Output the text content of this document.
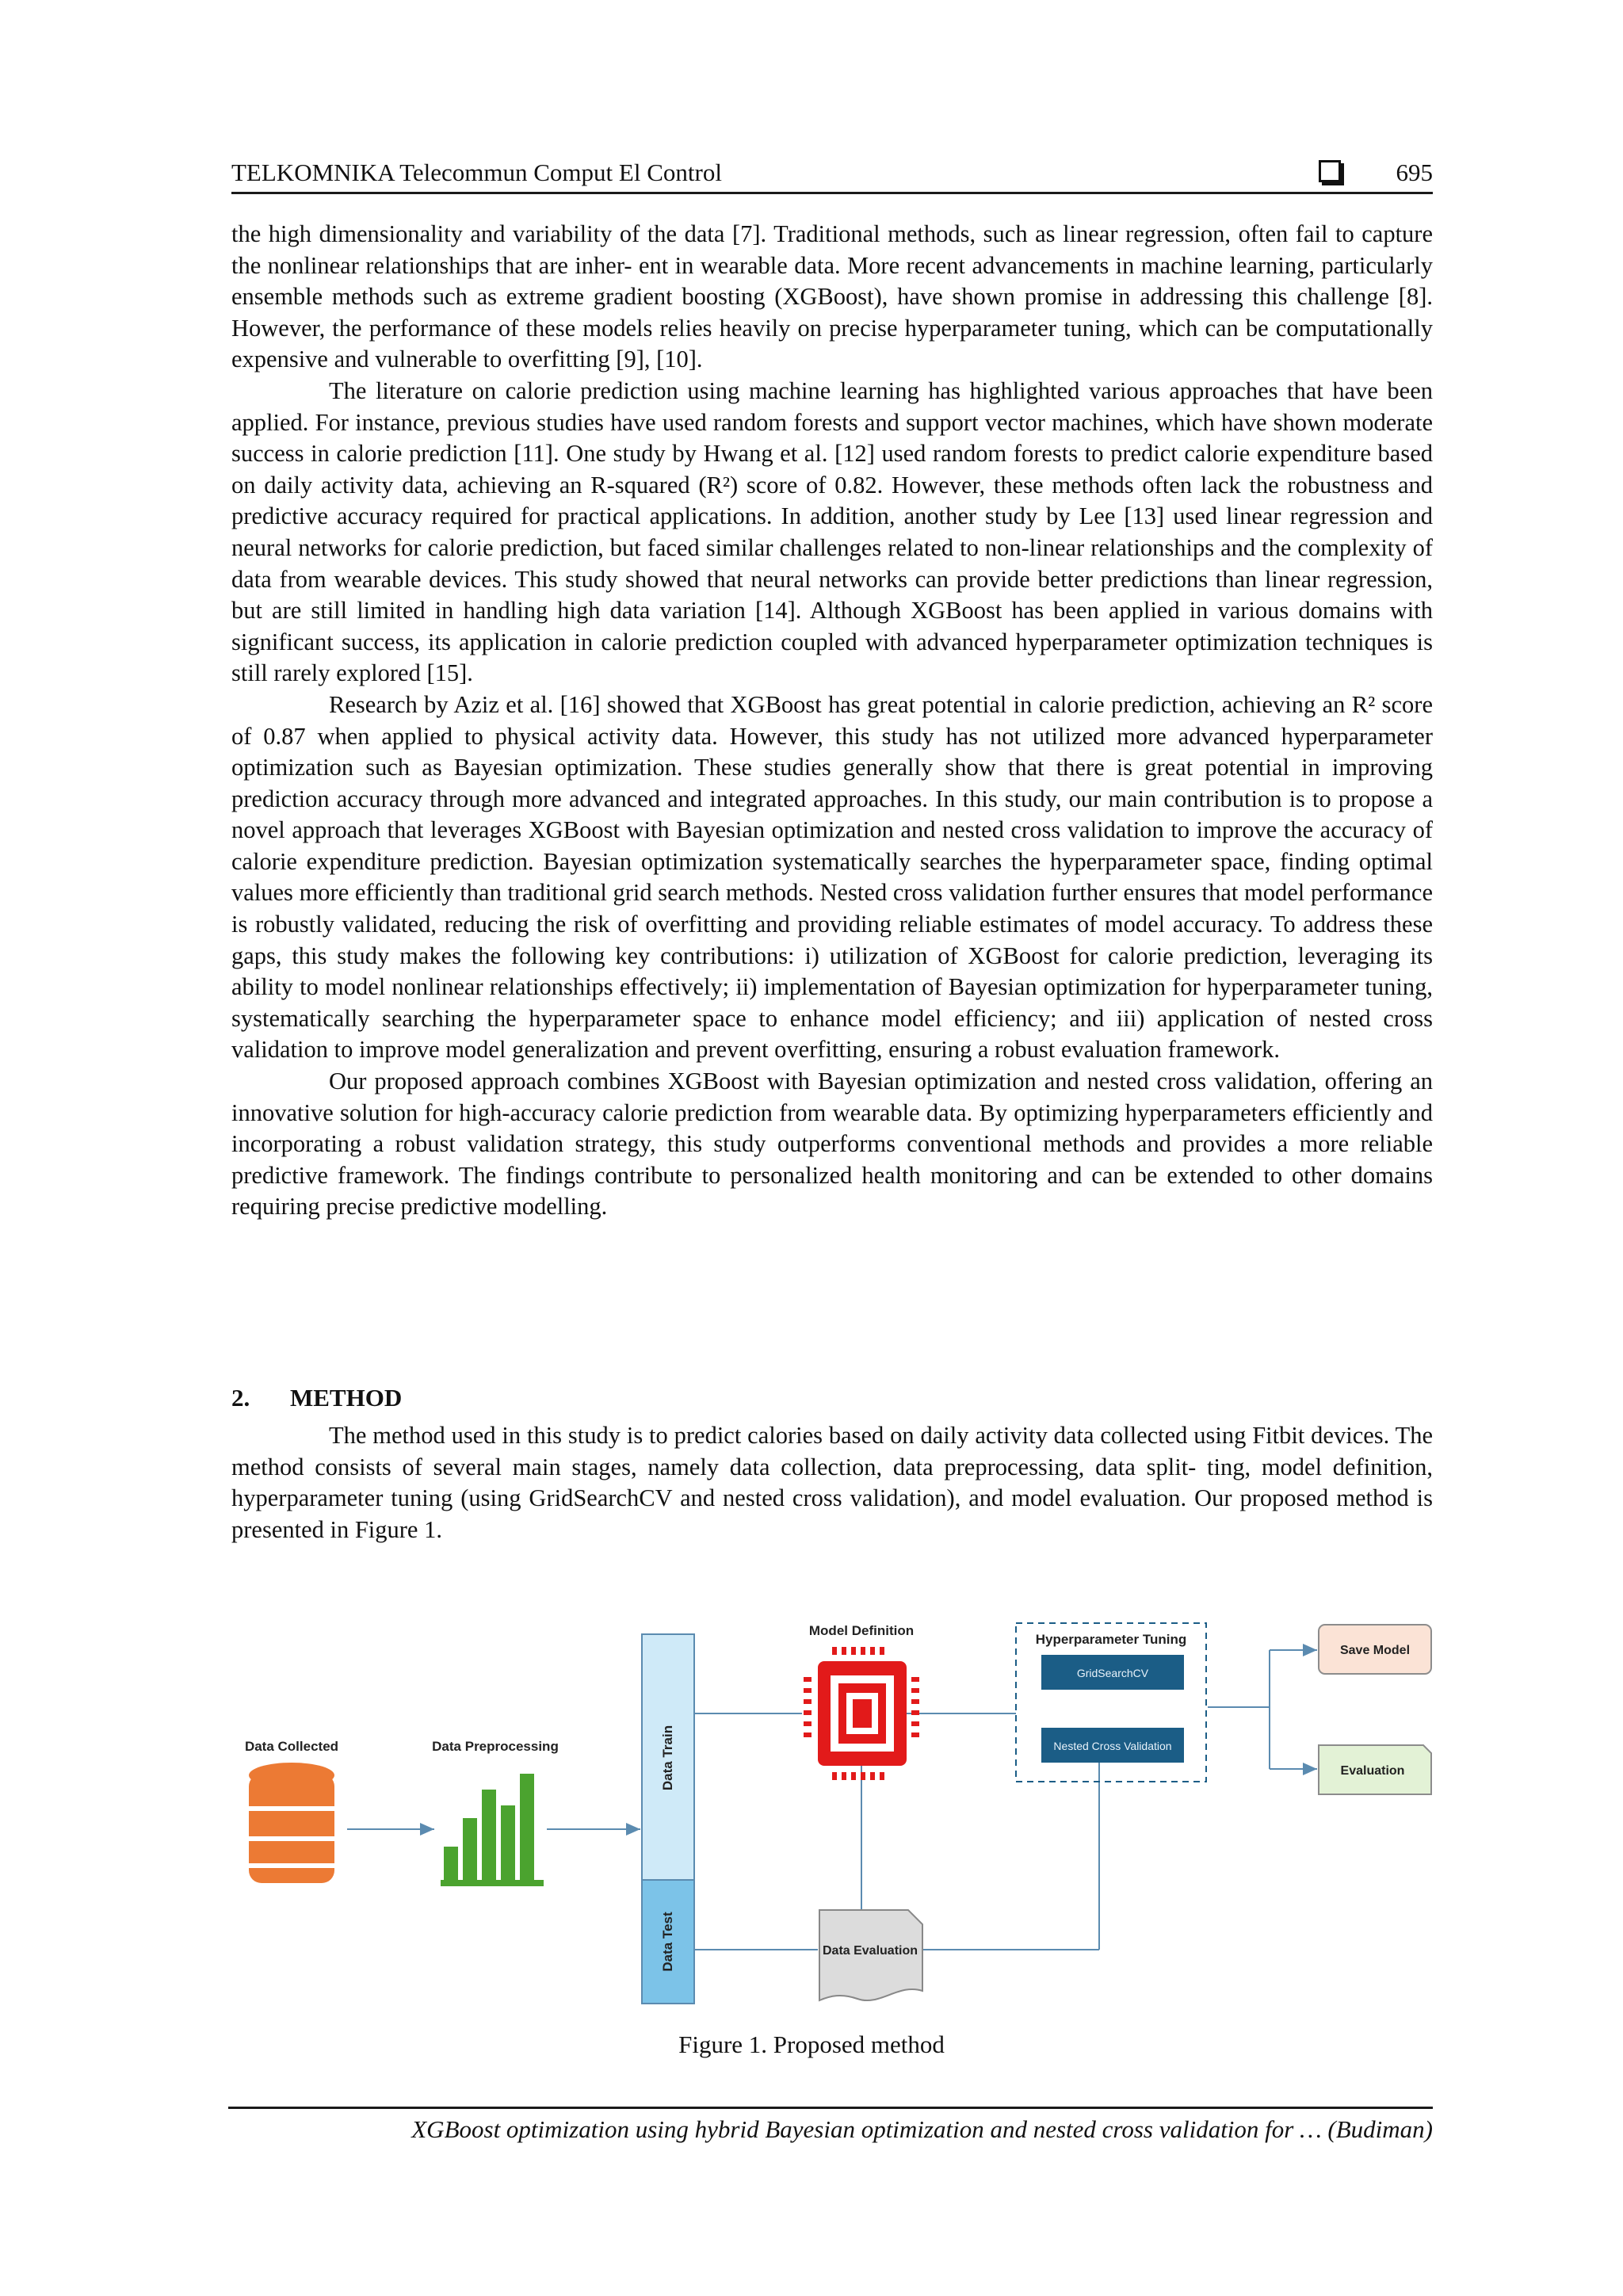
TELKOMNIKA Telecommun Comput El Control	695

the high dimensionality and variability of the data [7]. Traditional methods, such as linear regression, often fail to capture the nonlinear relationships that are inher- ent in wearable data. More recent advancements in machine learning, particularly ensemble methods such as extreme gradient boosting (XGBoost), have shown promise in addressing this challenge [8]. However, the performance of these models relies heavily on precise hyperparameter tuning, which can be computationally expensive and vulnerable to overfitting [9], [10].

The literature on calorie prediction using machine learning has highlighted various approaches that have been applied. For instance, previous studies have used random forests and support vector machines, which have shown moderate success in calorie prediction [11]. One study by Hwang et al. [12] used random forests to predict calorie expenditure based on daily activity data, achieving an R-squared (R²) score of 0.82. However, these methods often lack the robustness and predictive accuracy required for practical applications. In addition, another study by Lee [13] used linear regression and neural networks for calorie prediction, but faced similar challenges related to non-linear relationships and the complexity of data from wearable devices. This study showed that neural networks can provide better predictions than linear regression, but are still limited in handling high data variation [14]. Although XGBoost has been applied in various domains with significant success, its application in calorie prediction coupled with advanced hyperparameter optimization techniques is still rarely explored [15].

Research by Aziz et al. [16] showed that XGBoost has great potential in calorie prediction, achieving an R² score of 0.87 when applied to physical activity data. However, this study has not utilized more advanced hyperparameter optimization such as Bayesian optimization. These studies generally show that there is great potential in improving prediction accuracy through more advanced and integrated approaches. In this study, our main contribution is to propose a novel approach that leverages XGBoost with Bayesian optimization and nested cross validation to improve the accuracy of calorie expenditure prediction. Bayesian optimization systematically searches the hyperparameter space, finding optimal values more efficiently than traditional grid search methods. Nested cross validation further ensures that model performance is robustly validated, reducing the risk of overfitting and providing reliable estimates of model accuracy. To address these gaps, this study makes the following key contributions: i) utilization of XGBoost for calorie prediction, leveraging its ability to model nonlinear relationships effectively; ii) implementation of Bayesian optimization for hyperparameter tuning, systematically searching the hyperparameter space to enhance model efficiency; and iii) application of nested cross validation to improve model generalization and prevent overfitting, ensuring a robust evaluation framework.

Our proposed approach combines XGBoost with Bayesian optimization and nested cross validation, offering an innovative solution for high-accuracy calorie prediction from wearable data. By optimizing hyperparameters efficiently and incorporating a robust validation strategy, this study outperforms conventional methods and provides a more reliable predictive framework. The findings contribute to personalized health monitoring and can be extended to other domains requiring precise predictive modelling.

2. METHOD

The method used in this study is to predict calories based on daily activity data collected using Fitbit devices. The method consists of several main stages, namely data collection, data preprocessing, data split- ting, model definition, hyperparameter tuning (using GridSearchCV and nested cross validation), and model evaluation. Our proposed method is presented in Figure 1.

Data Collected	Data Preprocessing	Data Train
Data Test
Model Definition
Hyperparameter Tuning
GridSearchCV
Nested Cross Validation
Save Model
Evaluation
Data Evaluation
Figure 1. Proposed method
XGBoost optimization using hybrid Bayesian optimization and nested cross validation for … (Budiman)
